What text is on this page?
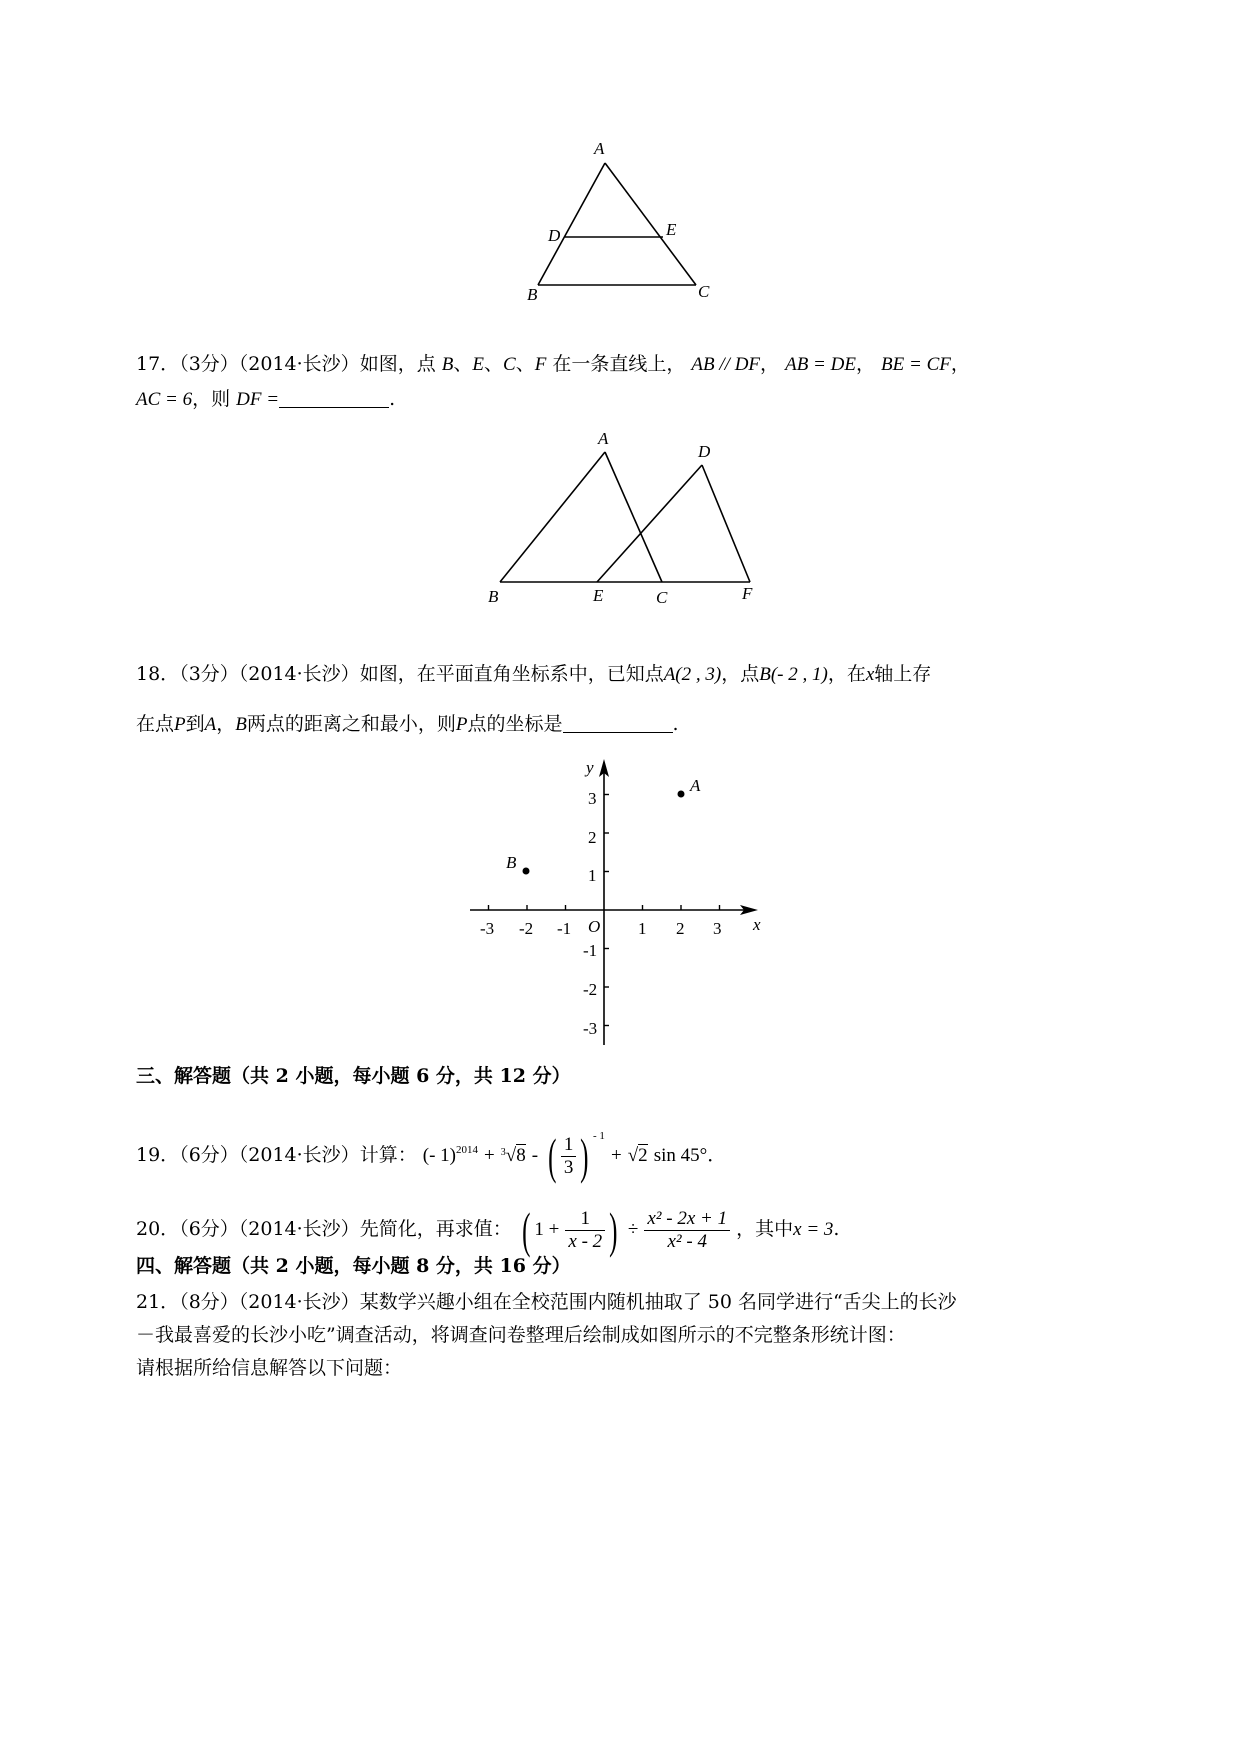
A
D	E
B	C
17．（3分）（2014·长沙）如图，点 B、E、C、F 在一条直线上， AB // DF， AB = DE， BE = CF，
AC = 6，则 DF =	.
A
D
B	E	C	F
18．（3分）（2014·长沙）如图，在平面直角坐标系中，已知点A(2 , 3)，点B(- 2 , 1)，在x轴上存
在点P到A，B两点的距离之和最小，则P点的坐标是	.
x
y
O
-3 -2 -1	1 2 3
3
2
1
-1
-2
-3
A
B
三、解答题（共 2 小题，每小题 6 分，共 12 分）
19．（6分）（2014·长沙）计算： (- 1)$^{2014}$ + $^3$√8 - ( $\frac{1}{3}$ ) $^{- 1}$ + √2 sin 45°．
20．（6分）（2014·长沙）先简化，再求值： ( $1 + \frac{1}{x - 2}$ ) ÷ $\frac{\text{x² - 2x + 1}}{\text{x² - 4}}$ ，其中x = 3.
四、解答题（共 2 小题，每小题 8 分，共 16 分）
21．（8分）（2014·长沙）某数学兴趣小组在全校范围内随机抽取了 50 名同学进行“舌尖上的长沙
－我最喜爱的长沙小吃”调查活动，将调查问卷整理后绘制成如图所示的不完整条形统计图：
请根据所给信息解答以下问题：
